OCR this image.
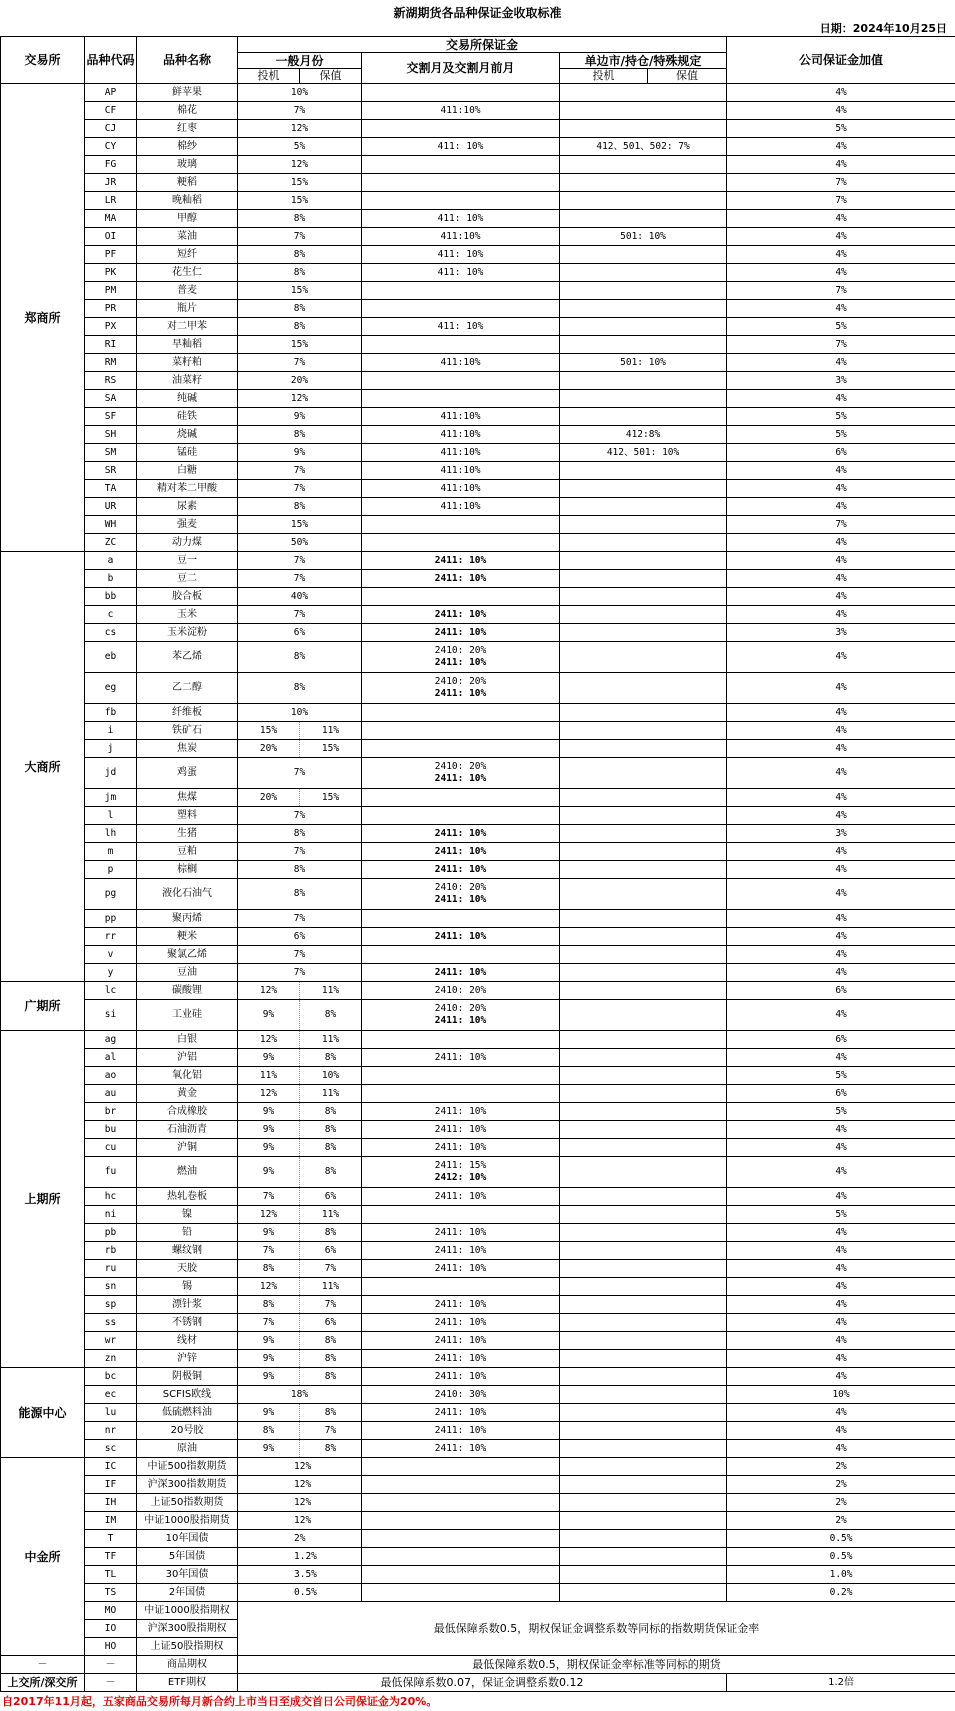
新湖期货各品种保证金收取标准
日期：2024年10月25日
交易所	品种代码	品种名称	交易所保证金					公司保证金加值
			一般月份		交割月及交割月前月	单边市/持仓/特殊规定		
			投机	保值		投机	保值	
郑商所	AP	鲜苹果	10%					4%
	CF	棉花	7%		411:10%			4%
	CJ	红枣	12%					5%
	CY	棉纱	5%		411: 10%	412、501、502: 7%		4%
	FG	玻璃	12%					4%
	JR	粳稻	15%					7%
	LR	晚籼稻	15%					7%
	MA	甲醇	8%		411: 10%			4%
	OI	菜油	7%		411:10%	501: 10%		4%
	PF	短纤	8%		411: 10%			4%
	PK	花生仁	8%		411: 10%			4%
	PM	普麦	15%					7%
	PR	瓶片	8%					4%
	PX	对二甲苯	8%		411: 10%			5%
	RI	早籼稻	15%					7%
	RM	菜籽粕	7%		411:10%	501: 10%		4%
	RS	油菜籽	20%					3%
	SA	纯碱	12%					4%
	SF	硅铁	9%		411:10%			5%
	SH	烧碱	8%		411:10%	412:8%		5%
	SM	锰硅	9%		411:10%	412、501: 10%		6%
	SR	白糖	7%		411:10%			4%
	TA	精对苯二甲酸	7%		411:10%			4%
	UR	尿素	8%		411:10%			4%
	WH	强麦	15%					7%
	ZC	动力煤	50%					4%
大商所	a	豆一	7%		2411: 10%			4%
	b	豆二	7%		2411: 10%			4%
	bb	胶合板	40%					4%
	c	玉米	7%		2411: 10%			4%
	cs	玉米淀粉	6%		2411: 10%			3%
	eb	苯乙烯	8%		2410: 20%
2411: 10%			4%
	eg	乙二醇	8%		2410: 20%
2411: 10%			4%
	fb	纤维板	10%					4%
	i	铁矿石	15%	11%				4%
	j	焦炭	20%	15%				4%
	jd	鸡蛋	7%		2410: 20%
2411: 10%			4%
	jm	焦煤	20%	15%				4%
	l	塑料	7%					4%
	lh	生猪	8%		2411: 10%			3%
	m	豆粕	7%		2411: 10%			4%
	p	棕榈	8%		2411: 10%			4%
	pg	液化石油气	8%		2410: 20%
2411: 10%			4%
	pp	聚丙烯	7%					4%
	rr	粳米	6%		2411: 10%			4%
	v	聚氯乙烯	7%					4%
	y	豆油	7%		2411: 10%			4%
广期所	lc	碳酸锂	12%	11%	2410: 20%			6%
	si	工业硅	9%	8%	2410: 20%
2411: 10%			4%
上期所	ag	白银	12%	11%				6%
	al	沪铝	9%	8%	2411: 10%			4%
	ao	氧化铝	11%	10%				5%
	au	黄金	12%	11%				6%
	br	合成橡胶	9%	8%	2411: 10%			5%
	bu	石油沥青	9%	8%	2411: 10%			4%
	cu	沪铜	9%	8%	2411: 10%			4%
	fu	燃油	9%	8%	2411: 15%
2412: 10%			4%
	hc	热轧卷板	7%	6%	2411: 10%			4%
	ni	镍	12%	11%				5%
	pb	铅	9%	8%	2411: 10%			4%
	rb	螺纹钢	7%	6%	2411: 10%			4%
	ru	天胶	8%	7%	2411: 10%			4%
	sn	锡	12%	11%				4%
	sp	漂针浆	8%	7%	2411: 10%			4%
	ss	不锈钢	7%	6%	2411: 10%			4%
	wr	线材	9%	8%	2411: 10%			4%
	zn	沪锌	9%	8%	2411: 10%			4%
能源中心	bc	阴极铜	9%	8%	2411: 10%			4%
	ec	SCFIS欧线	18%		2410: 30%			10%
	lu	低硫燃料油	9%	8%	2411: 10%			4%
	nr	20号胶	8%	7%	2411: 10%			4%
	sc	原油	9%	8%	2411: 10%			4%
中金所	IC	中证500指数期货	12%					2%
	IF	沪深300指数期货	12%					2%
	IH	上证50指数期货	12%					2%
	IM	中证1000股指期货	12%					2%
	T	10年国债	2%					0.5%
	TF	5年国债	1.2%					0.5%
	TL	30年国债	3.5%					1.0%
	TS	2年国债	0.5%					0.2%
	MO	中证1000股指期权	最低保障系数0.5，期权保证金调整系数等同标的指数期货保证金率					
	IO	沪深300股指期权						
	HO	上证50股指期权						
－	－	商品期权	最低保障系数0.5，期权保证金率标准等同标的期货					
上交所/深交所	－	ETF期权	最低保障系数0.07，保证金调整系数0.12					1.2倍
自2017年11月起，五家商品交易所每月新合约上市当日至成交首日公司保证金为20%。
